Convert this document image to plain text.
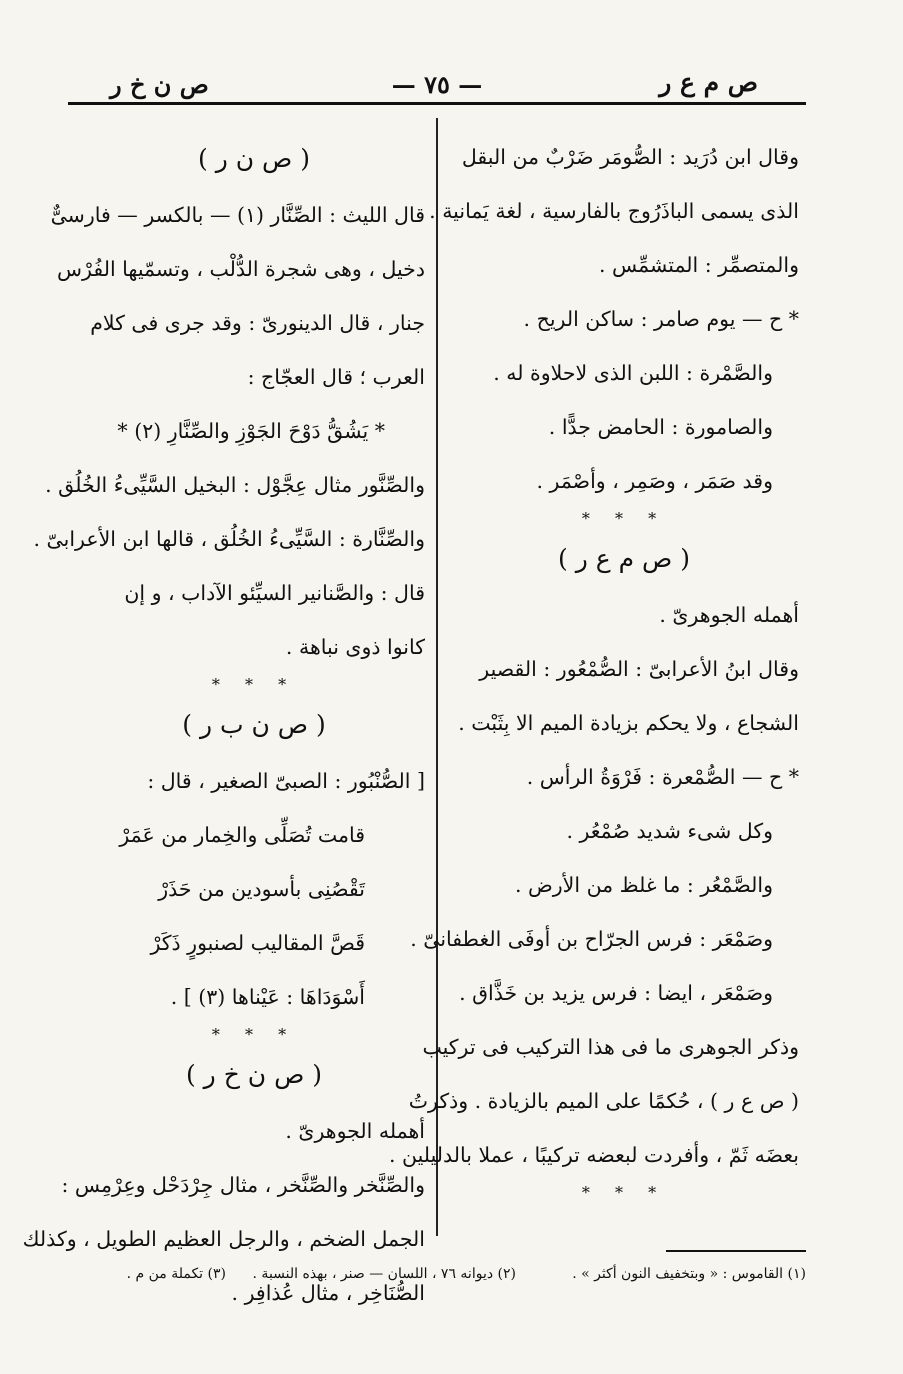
ص م ع ر
— ٧٥ —
ص ن خ ر
وقال ابن دُرَيد : الصُّومَر ضَرْبٌ من البقل
الذى يسمى الباذَرُوج بالفارسية ، لغة يَمانية .
والمتصمِّر : المتشمِّس .
* ح — يوم صامر : ساكن الريح .
والصَّمْرة : اللبن الذى لاحلاوة له .
والصامورة : الحامض جدًّا .
وقد صَمَر ، وصَمِر ، وأصْمَر .
* * *
( ص م ع ر )
أهمله الجوهرىّ .
وقال ابنُ الأعرابىّ : الصُّمْعُور : القصير
الشجاع ، ولا يحكم بزيادة الميم الا بِثَبْت .
* ح — الصُّمْعرة : فَرْوَةُ الرأس .
وكل شىء شديد صُمْعُر .
والصَّمْعُر : ما غلظ من الأرض .
وصَمْعَر : فرس الجرّاح بن أوفَى الغطفانىّ .
وصَمْعَر ، ايضا : فرس يزيد بن خَذَّاق .
وذكر الجوهرى ما فى هذا التركيب فى تركيب
( ص ع ر ) ، حُكمًا على الميم بالزيادة . وذكرتُ
بعضَه ثَمّ ، وأفردت لبعضه تركيبًا ، عملا بالدليلين .
* * *
( ص ن ر )
قال الليث : الصِّنَّار (١) — بالكسر — فارسىٌّ
دخيل ، وهى شجرة الدُّلْب ، وتسمّيها الفُرْس
جنار ، قال الدينورىّ : وقد جرى فى كلام
العرب ؛ قال العجّاج :
* يَشُقُّ دَوْحَ الجَوْزِ والصِّنَّارِ (٢) *
والصِّنَّور مثال عِجَّوْل : البخيل السَّيِّىءُ الخُلُق .
والصِّنَّارة : السَّيِّىءُ الخُلُق ، قالها ابن الأعرابىّ .
قال : والصَّنانير السيِّئو الآداب ، و إن
كانوا ذوى نباهة .
* * *
( ص ن ب ر )
[ الصُّنْبُور : الصبىّ الصغير ، قال :
قامت تُصَلِّى والخِمار من عَمَرْ
تَقْصُنِى بأسودين من حَذَرْ
قَصَّ المقاليب لصنبورٍ ذَكَرْ
أَسْوَدَاهَا : عَيْناها (٣) ] .
* * *
( ص ن خ ر )
أهمله الجوهرىّ .
والصِّنَّخر والصِّنَّخر ، مثال جِرْدَحْل وعِرْمِس :
الجمل الضخم ، والرجل العظيم الطويل ، وكذلك
الصُّنَاخِر ، مثال عُذافِر .
(١) القاموس : « وبتخفيف النون أكثر » .
(٢) ديوانه ٧٦ ، اللسان — صنر ، بهذه النسبة .
(٣) تكملة من م .
